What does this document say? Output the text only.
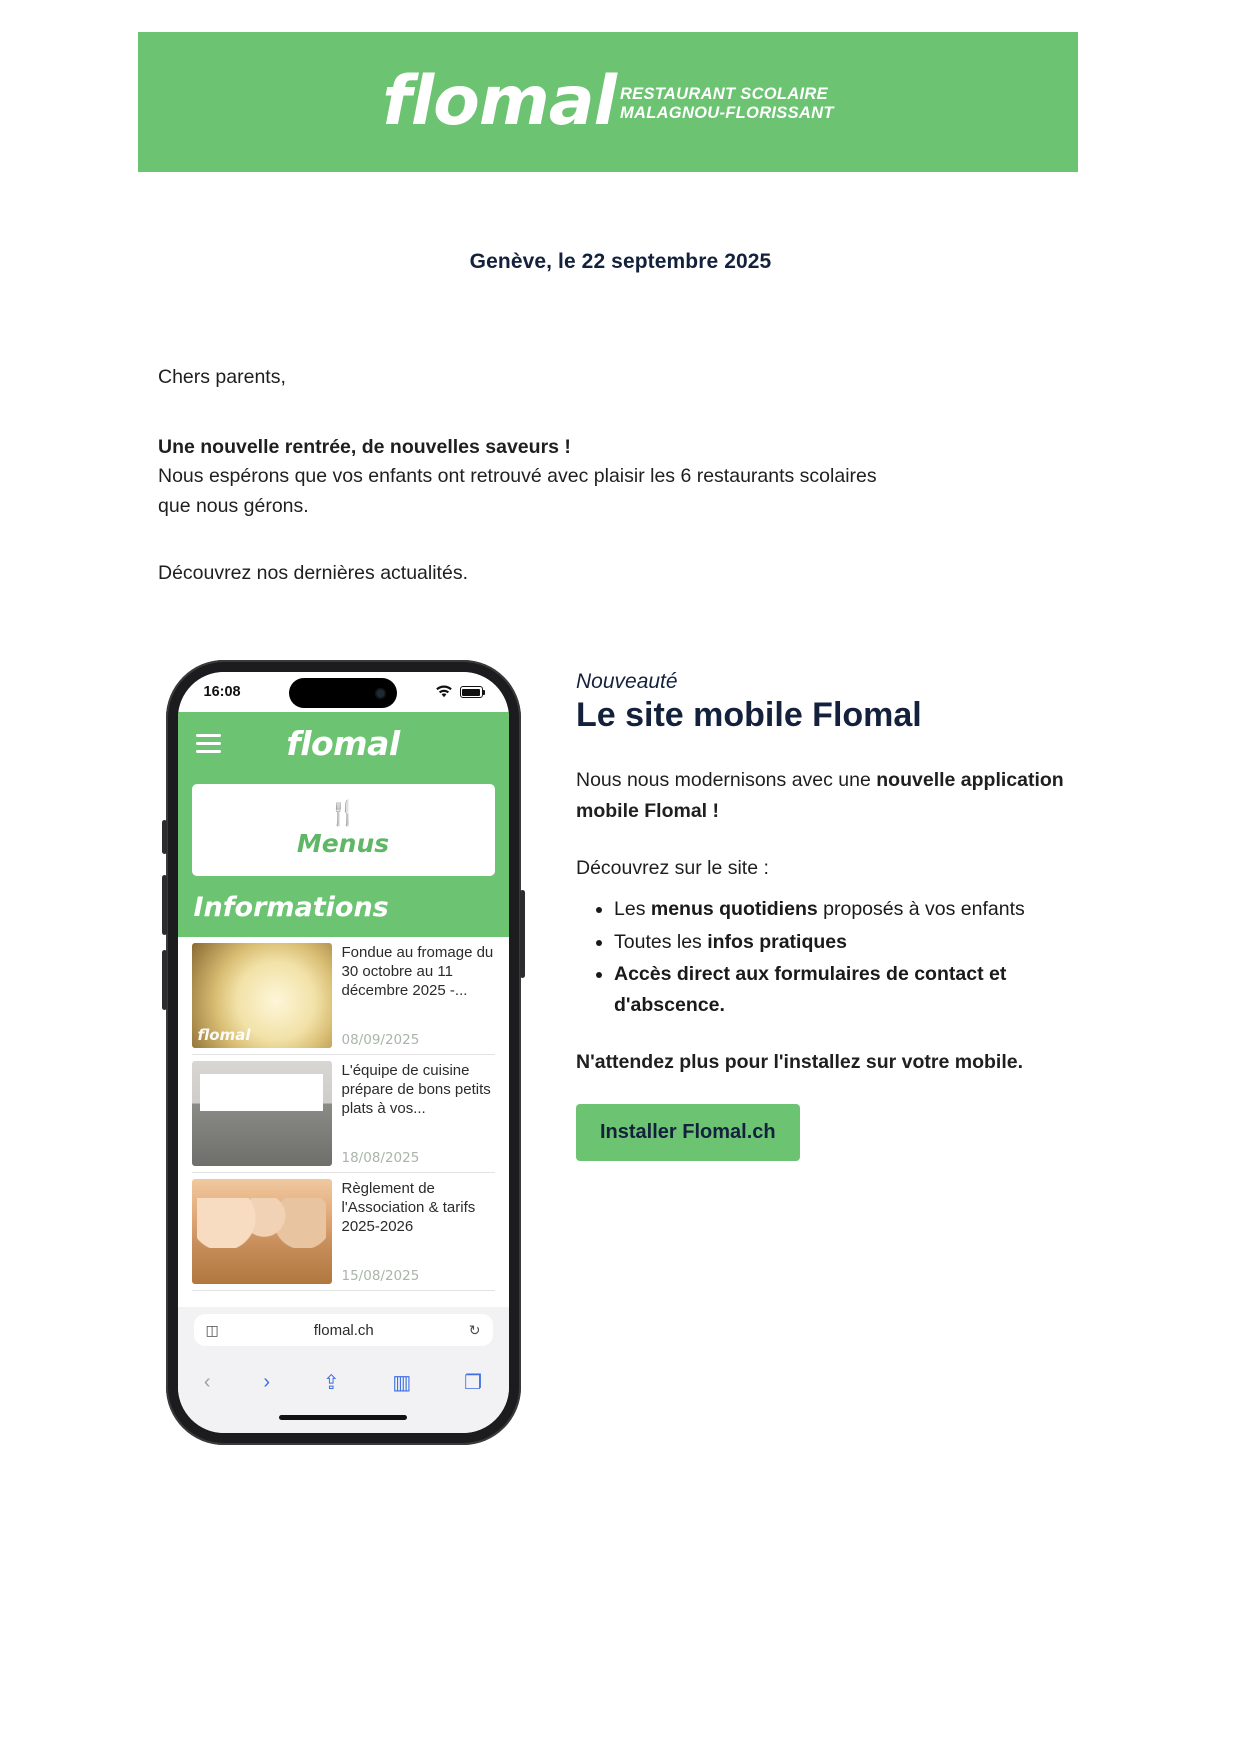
flomal RESTAURANT SCOLAIRE
MALAGNOU-FLORISSANT
Genève, le 22 septembre 2025

Chers parents,

Une nouvelle rentrée, de nouvelles saveurs !

Nous espérons que vos enfants ont retrouvé avec plaisir les 6 restaurants scolaires que nous gérons.

Découvrez nos dernières actualités.

16:08
flomal
🍴
Menus
Informations
flomal
Fondue au fromage du 30 octobre au 11 décembre 2025 -...
08/09/2025
L'équipe de cuisine prépare de bons petits plats à vos...
18/08/2025
Règlement de l'Association & tarifs 2025-2026
15/08/2025
◫	flomal.ch	↻
‹	›	⇪	▥	❐
Nouveauté
Le site mobile Flomal

Nous nous modernisons avec une nouvelle application mobile Flomal !

Découvrez sur le site :

• Les menus quotidiens proposés à vos enfants
• Toutes les infos pratiques
• Accès direct aux formulaires de contact et d'abscence.

N'attendez plus pour l'installez sur votre mobile.

Installer Flomal.ch
